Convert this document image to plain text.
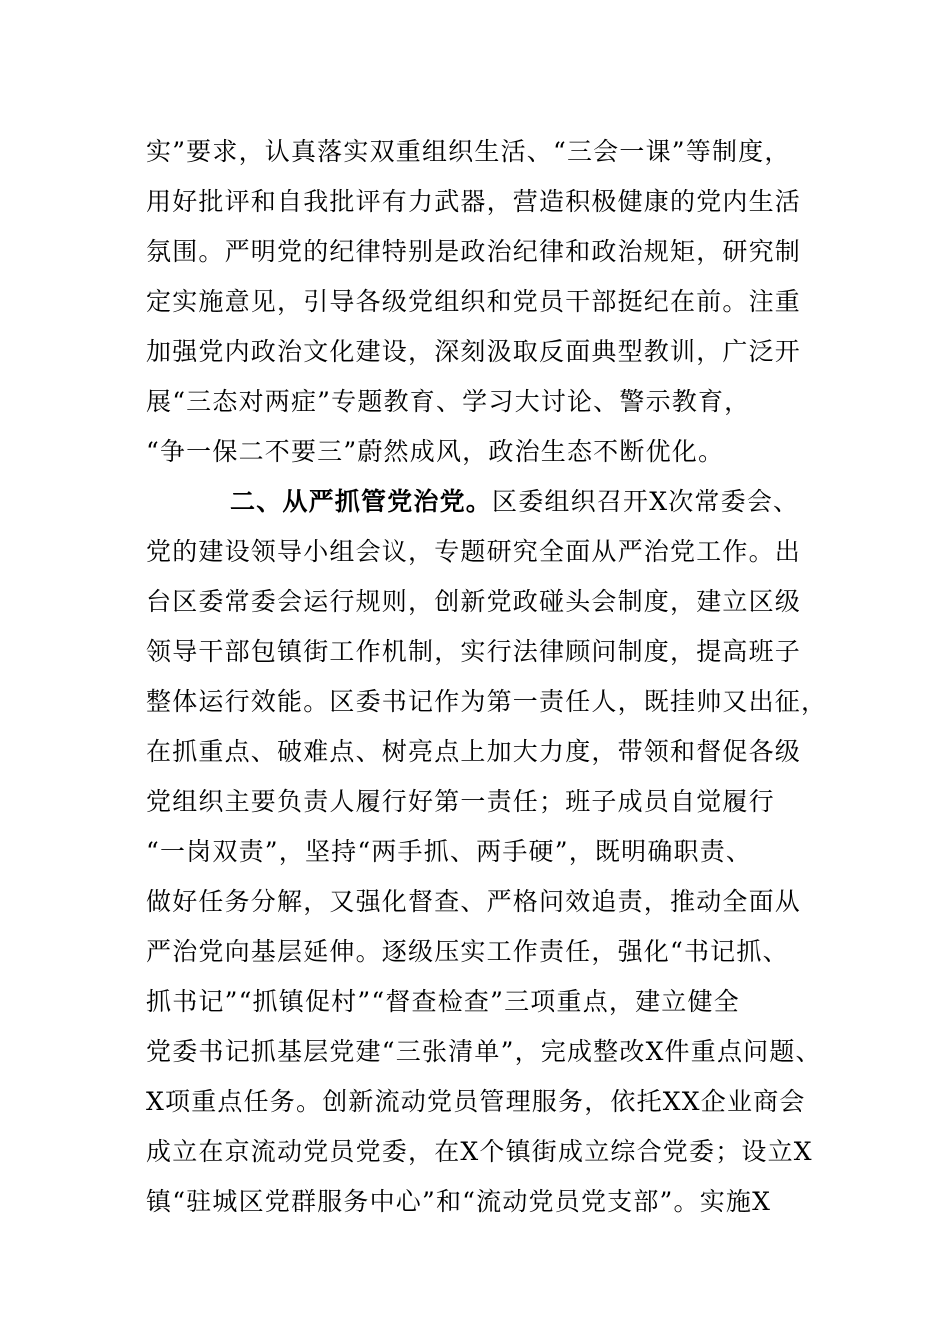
实”要求，认真落实双重组织生活、“三会一课”等制度，
用好批评和自我批评有力武器，营造积极健康的党内生活
氛围。严明党的纪律特别是政治纪律和政治规矩，研究制
定实施意见，引导各级党组织和党员干部挺纪在前。注重
加强党内政治文化建设，深刻汲取反面典型教训，广泛开
展“三态对两症”专题教育、学习大讨论、警示教育，
“争一保二不要三”蔚然成风，政治生态不断优化。
二、从严抓管党治党。区委组织召开X次常委会、
党的建设领导小组会议，专题研究全面从严治党工作。出
台区委常委会运行规则，创新党政碰头会制度，建立区级
领导干部包镇街工作机制，实行法律顾问制度，提高班子
整体运行效能。区委书记作为第一责任人，既挂帅又出征，
在抓重点、破难点、树亮点上加大力度，带领和督促各级
党组织主要负责人履行好第一责任；班子成员自觉履行
“一岗双责”，坚持“两手抓、两手硬”，既明确职责、
做好任务分解，又强化督查、严格问效追责，推动全面从
严治党向基层延伸。逐级压实工作责任，强化“书记抓、
抓书记”“抓镇促村”“督查检查”三项重点，建立健全
党委书记抓基层党建“三张清单”，完成整改X件重点问题、
X项重点任务。创新流动党员管理服务，依托XX企业商会
成立在京流动党员党委，在X个镇街成立综合党委；设立X
镇“驻城区党群服务中心”和“流动党员党支部”。实施X
